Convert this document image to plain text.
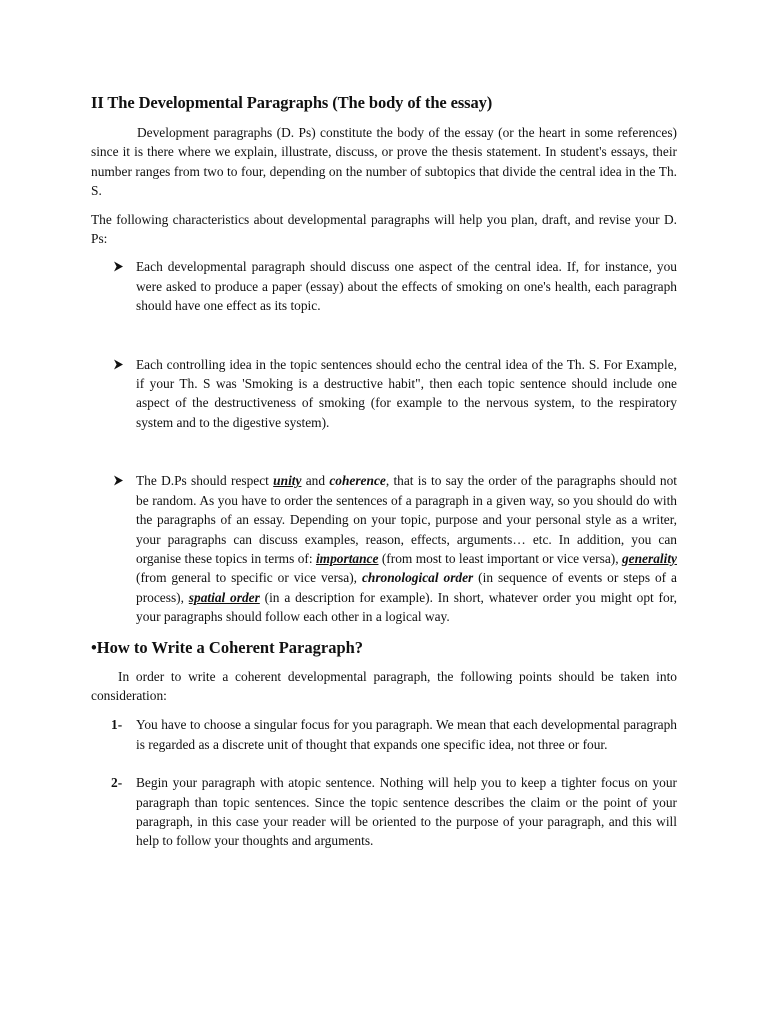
II The Developmental Paragraphs (The body of the essay)

Development paragraphs (D. Ps) constitute the body of the essay (or the heart in some references) since it is there where we explain, illustrate, discuss, or prove the thesis statement. In student's essays, their number ranges from two to four, depending on the number of subtopics that divide the central idea in the Th. S.

The following characteristics about developmental paragraphs will help you plan, draft, and revise your D. Ps:

Each developmental paragraph should discuss one aspect of the central idea. If, for instance, you were asked to produce a paper (essay) about the effects of smoking on one's health, each paragraph should have one effect as its topic.
Each controlling idea in the topic sentences should echo the central idea of the Th. S. For Example, if your Th. S was 'Smoking is a destructive habit", then each topic sentence should include one aspect of the destructiveness of smoking (for example to the nervous system, to the respiratory system and to the digestive system).
The D.Ps should respect unity and coherence, that is to say the order of the paragraphs should not be random. As you have to order the sentences of a paragraph in a given way, so you should do with the paragraphs of an essay. Depending on your topic, purpose and your personal style as a writer, your paragraphs can discuss examples, reason, effects, arguments… etc. In addition, you can organise these topics in terms of: importance (from most to least important or vice versa), generality (from general to specific or vice versa), chronological order (in sequence of events or steps of a process), spatial order (in a description for example). In short, whatever order you might opt for, your paragraphs should follow each other in a logical way.
•How to Write a Coherent Paragraph?

In order to write a coherent developmental paragraph, the following points should be taken into consideration:

1- You have to choose a singular focus for you paragraph. We mean that each developmental paragraph is regarded as a discrete unit of thought that expands one specific idea, not three or four.
2- Begin your paragraph with atopic sentence. Nothing will help you to keep a tighter focus on your paragraph than topic sentences. Since the topic sentence describes the claim or the point of your paragraph, in this case your reader will be oriented to the purpose of your paragraph, and this will help to follow your thoughts and arguments.
